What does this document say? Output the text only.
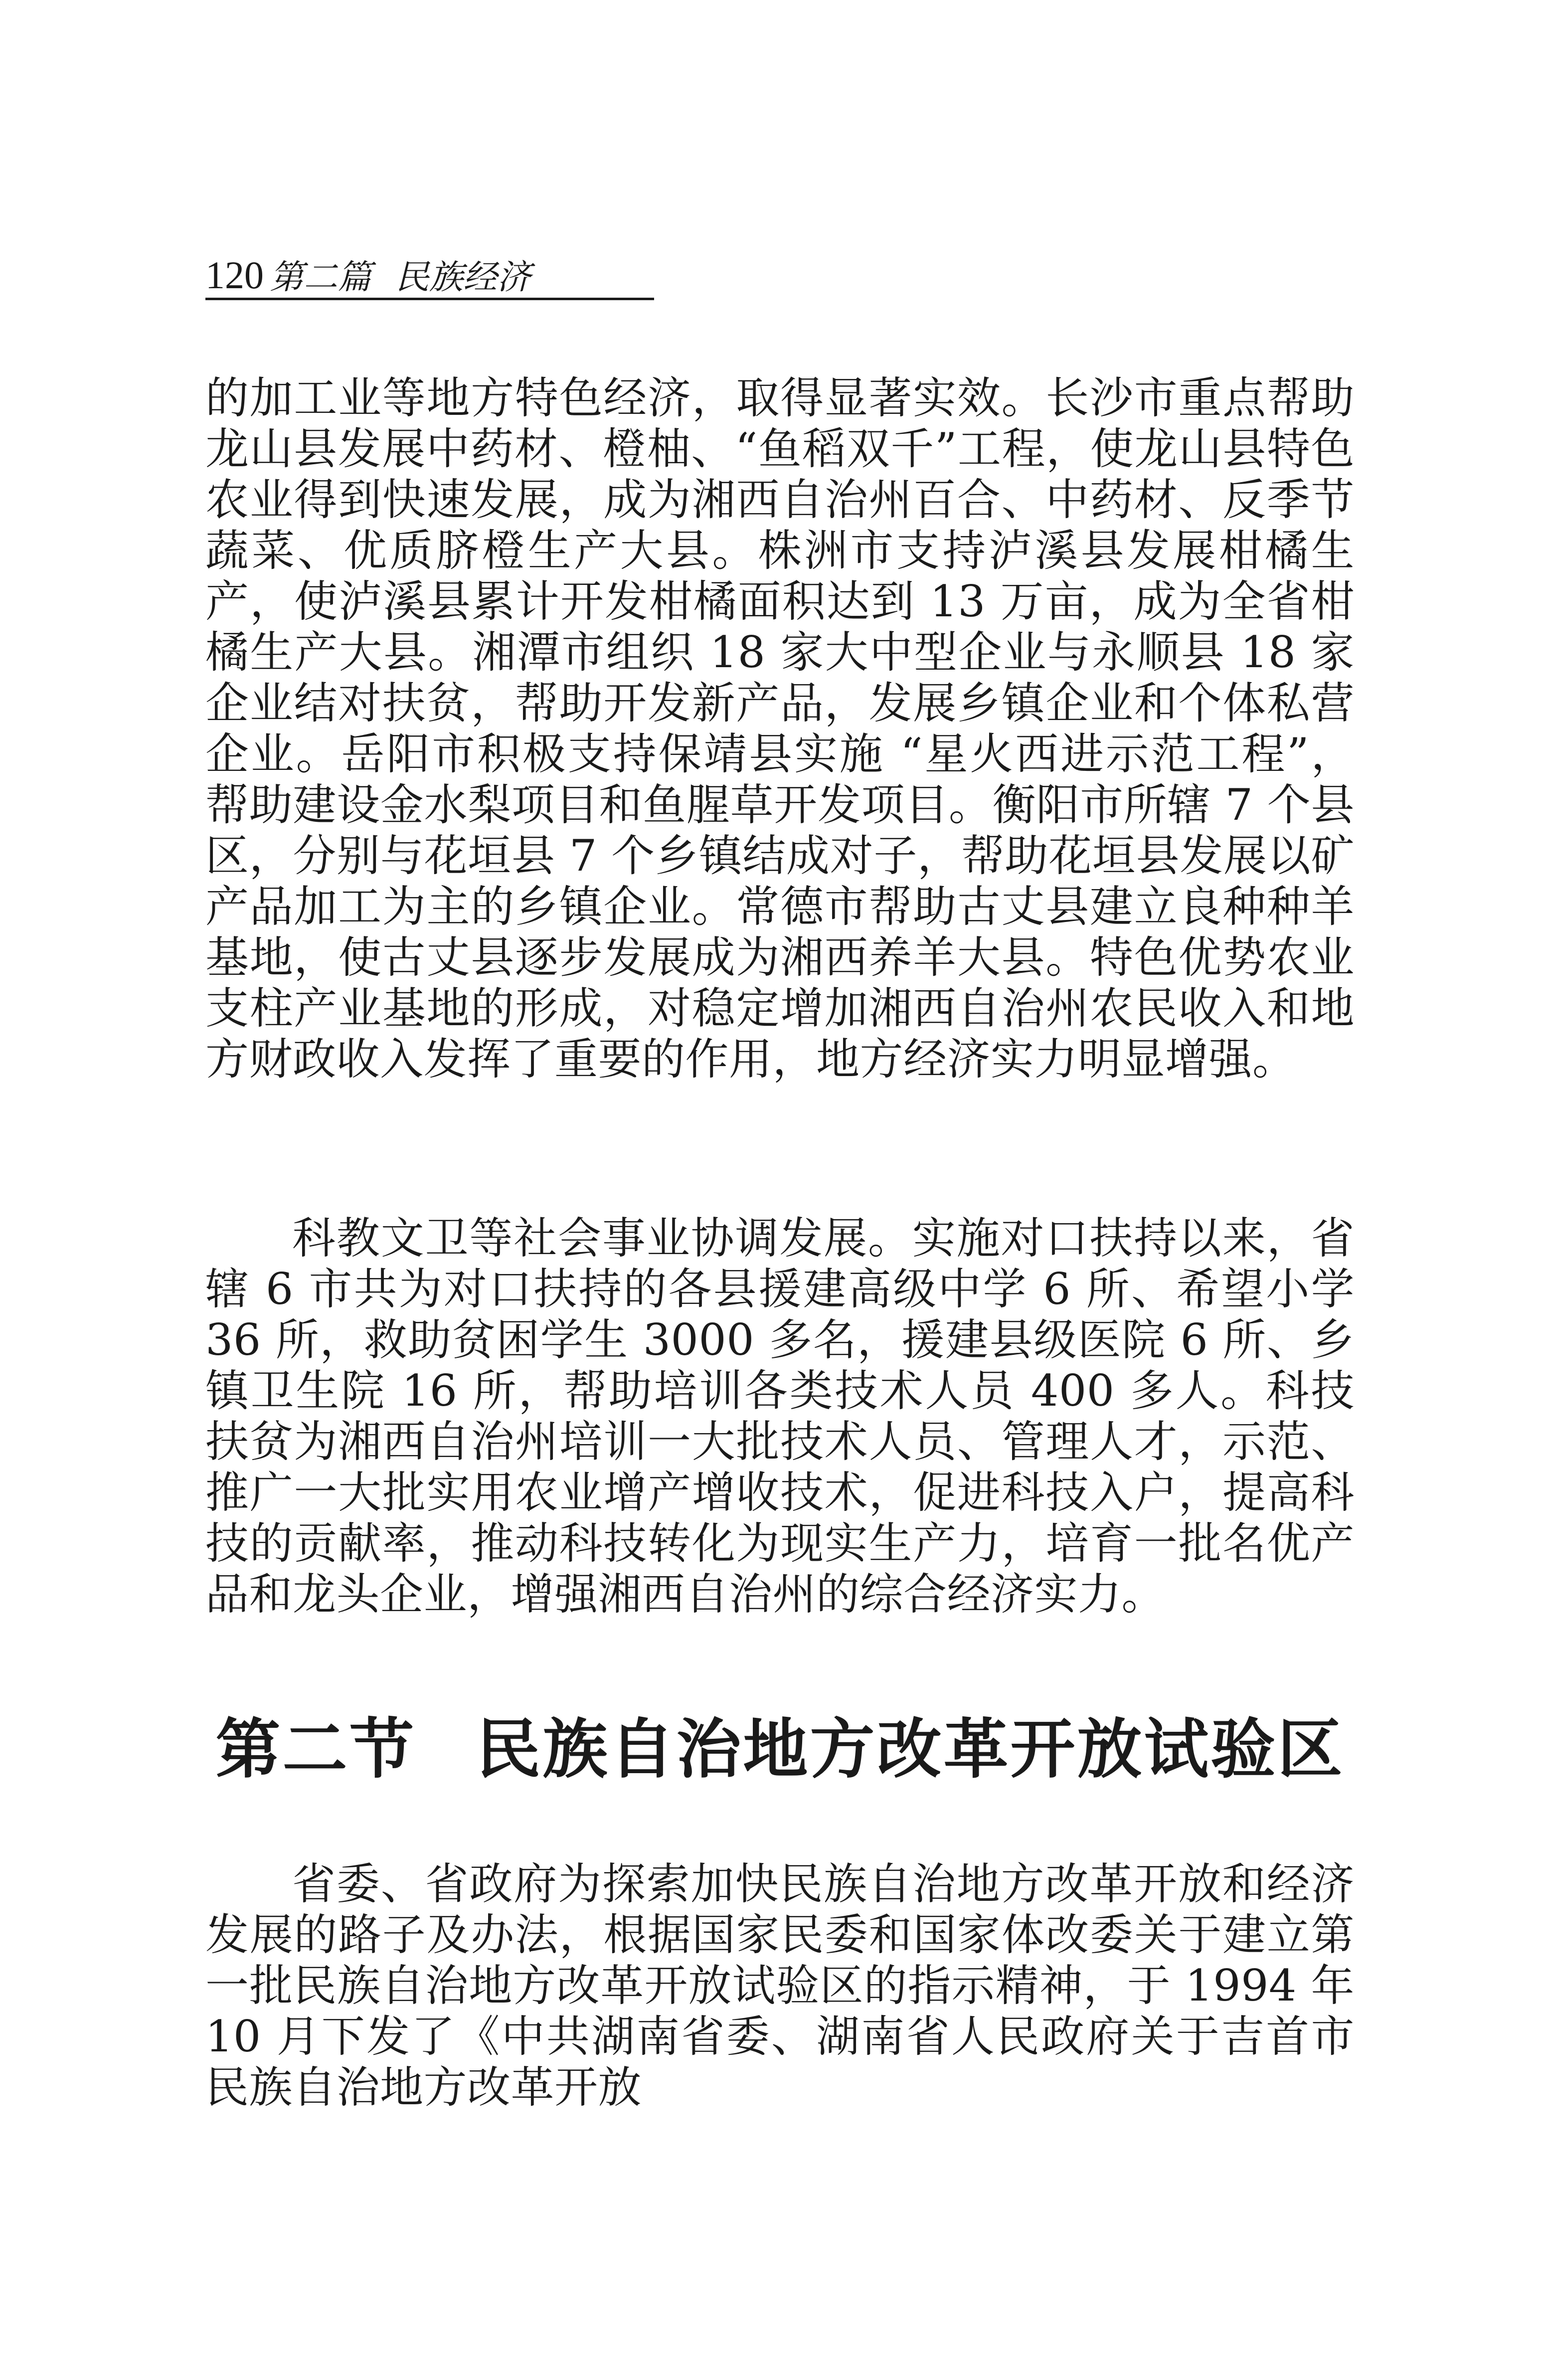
120 第二篇 民族经济

的加工业等地方特色经济，取得显著实效。长沙市重点帮助龙山县发展中药材、橙柚、“鱼稻双千”工程，使龙山县特色农业得到快速发展，成为湘西自治州百合、中药材、反季节蔬菜、优质脐橙生产大县。株洲市支持泸溪县发展柑橘生产，使泸溪县累计开发柑橘面积达到 13 万亩，成为全省柑橘生产大县。湘潭市组织 18 家大中型企业与永顺县 18 家企业结对扶贫，帮助开发新产品，发展乡镇企业和个体私营企业。岳阳市积极支持保靖县实施 “星火西进示范工程”，帮助建设金水梨项目和鱼腥草开发项目。衡阳市所辖 7 个县区，分别与花垣县 7 个乡镇结成对子，帮助花垣县发展以矿产品加工为主的乡镇企业。常德市帮助古丈县建立良种种羊基地，使古丈县逐步发展成为湘西养羊大县。特色优势农业支柱产业基地的形成，对稳定增加湘西自治州农民收入和地方财政收入发挥了重要的作用，地方经济实力明显增强。

科教文卫等社会事业协调发展。实施对口扶持以来，省辖 6 市共为对口扶持的各县援建高级中学 6 所、希望小学 36 所，救助贫困学生 3000 多名，援建县级医院 6 所、乡镇卫生院 16 所，帮助培训各类技术人员 400 多人。科技扶贫为湘西自治州培训一大批技术人员、管理人才，示范、推广一大批实用农业增产增收技术，促进科技入户，提高科技的贡献率，推动科技转化为现实生产力，培育一批名优产品和龙头企业，增强湘西自治州的综合经济实力。

第二节 民族自治地方改革开放试验区

省委、省政府为探索加快民族自治地方改革开放和经济发展的路子及办法，根据国家民委和国家体改委关于建立第一批民族自治地方改革开放试验区的指示精神，于 1994 年10 月下发了《中共湖南省委、湖南省人民政府关于吉首市民族自治地方改革开放
